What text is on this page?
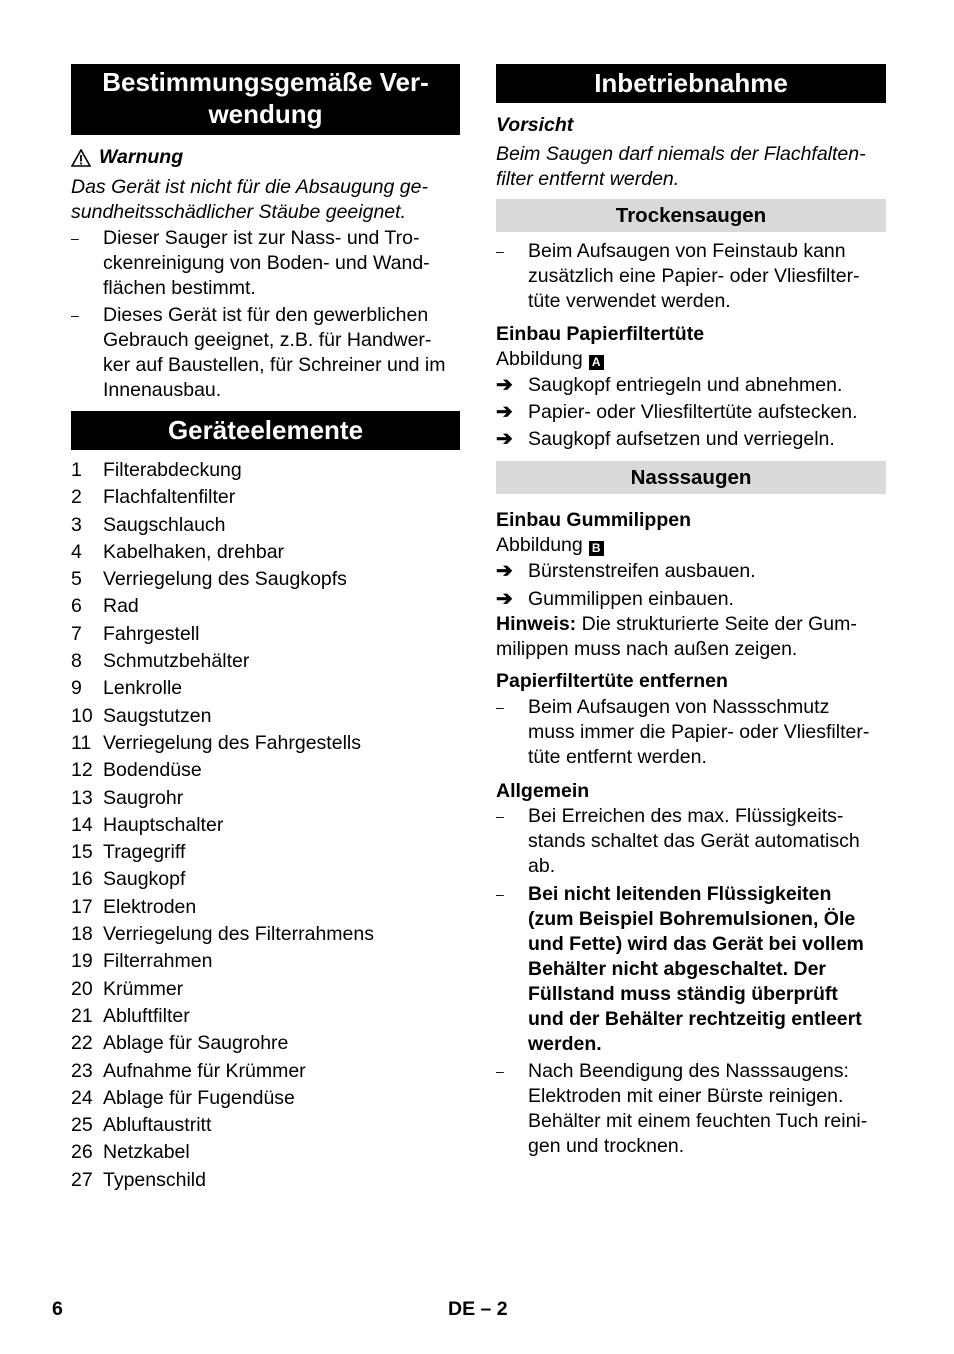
Bestimmungsgemäße Ver-
wendung
Warnung
Das Gerät ist nicht für die Absaugung ge-
sundheitsschädlicher Stäube geeignet.
–	Dieser Sauger ist zur Nass- und Tro-
ckenreinigung von Boden- und Wand-
flächen bestimmt.
–	Dieses Gerät ist für den gewerblichen
Gebrauch geeignet, z.B. für Handwer-
ker auf Baustellen, für Schreiner und im
Innenausbau.
Geräteelemente
1	Filterabdeckung
2	Flachfaltenfilter
3	Saugschlauch
4	Kabelhaken, drehbar
5	Verriegelung des Saugkopfs
6	Rad
7	Fahrgestell
8	Schmutzbehälter
9	Lenkrolle
10 Saugstutzen
11 Verriegelung des Fahrgestells
12 Bodendüse
13 Saugrohr
14 Hauptschalter
15 Tragegriff
16 Saugkopf
17 Elektroden
18 Verriegelung des Filterrahmens
19 Filterrahmen
20 Krümmer
21 Abluftfilter
22 Ablage für Saugrohre
23 Aufnahme für Krümmer
24 Ablage für Fugendüse
25 Abluftaustritt
26 Netzkabel
27 Typenschild
Inbetriebnahme
Vorsicht
Beim Saugen darf niemals der Flachfalten-
filter entfernt werden.
Trockensaugen
–	Beim Aufsaugen von Feinstaub kann
zusätzlich eine Papier- oder Vliesfilter-
tüte verwendet werden.
Einbau Papierfiltertüte
Abbildung A
➔ Saugkopf entriegeln und abnehmen.
➔ Papier- oder Vliesfiltertüte aufstecken.
➔ Saugkopf aufsetzen und verriegeln.
Nasssaugen
Einbau Gummilippen
Abbildung B
➔ Bürstenstreifen ausbauen.
➔ Gummilippen einbauen.
Hinweis: Die strukturierte Seite der Gum-
milippen muss nach außen zeigen.
Papierfiltertüte entfernen
–	Beim Aufsaugen von Nassschmutz
muss immer die Papier- oder Vliesfilter-
tüte entfernt werden.
Allgemein
–	Bei Erreichen des max. Flüssigkeits-
stands schaltet das Gerät automatisch
ab.
–	Bei nicht leitenden Flüssigkeiten
(zum Beispiel Bohremulsionen, Öle
und Fette) wird das Gerät bei vollem
Behälter nicht abgeschaltet. Der
Füllstand muss ständig überprüft
und der Behälter rechtzeitig entleert
werden.
–	Nach Beendigung des Nasssaugens:
Elektroden mit einer Bürste reinigen.
Behälter mit einem feuchten Tuch reini-
gen und trocknen.
6	DE – 2
